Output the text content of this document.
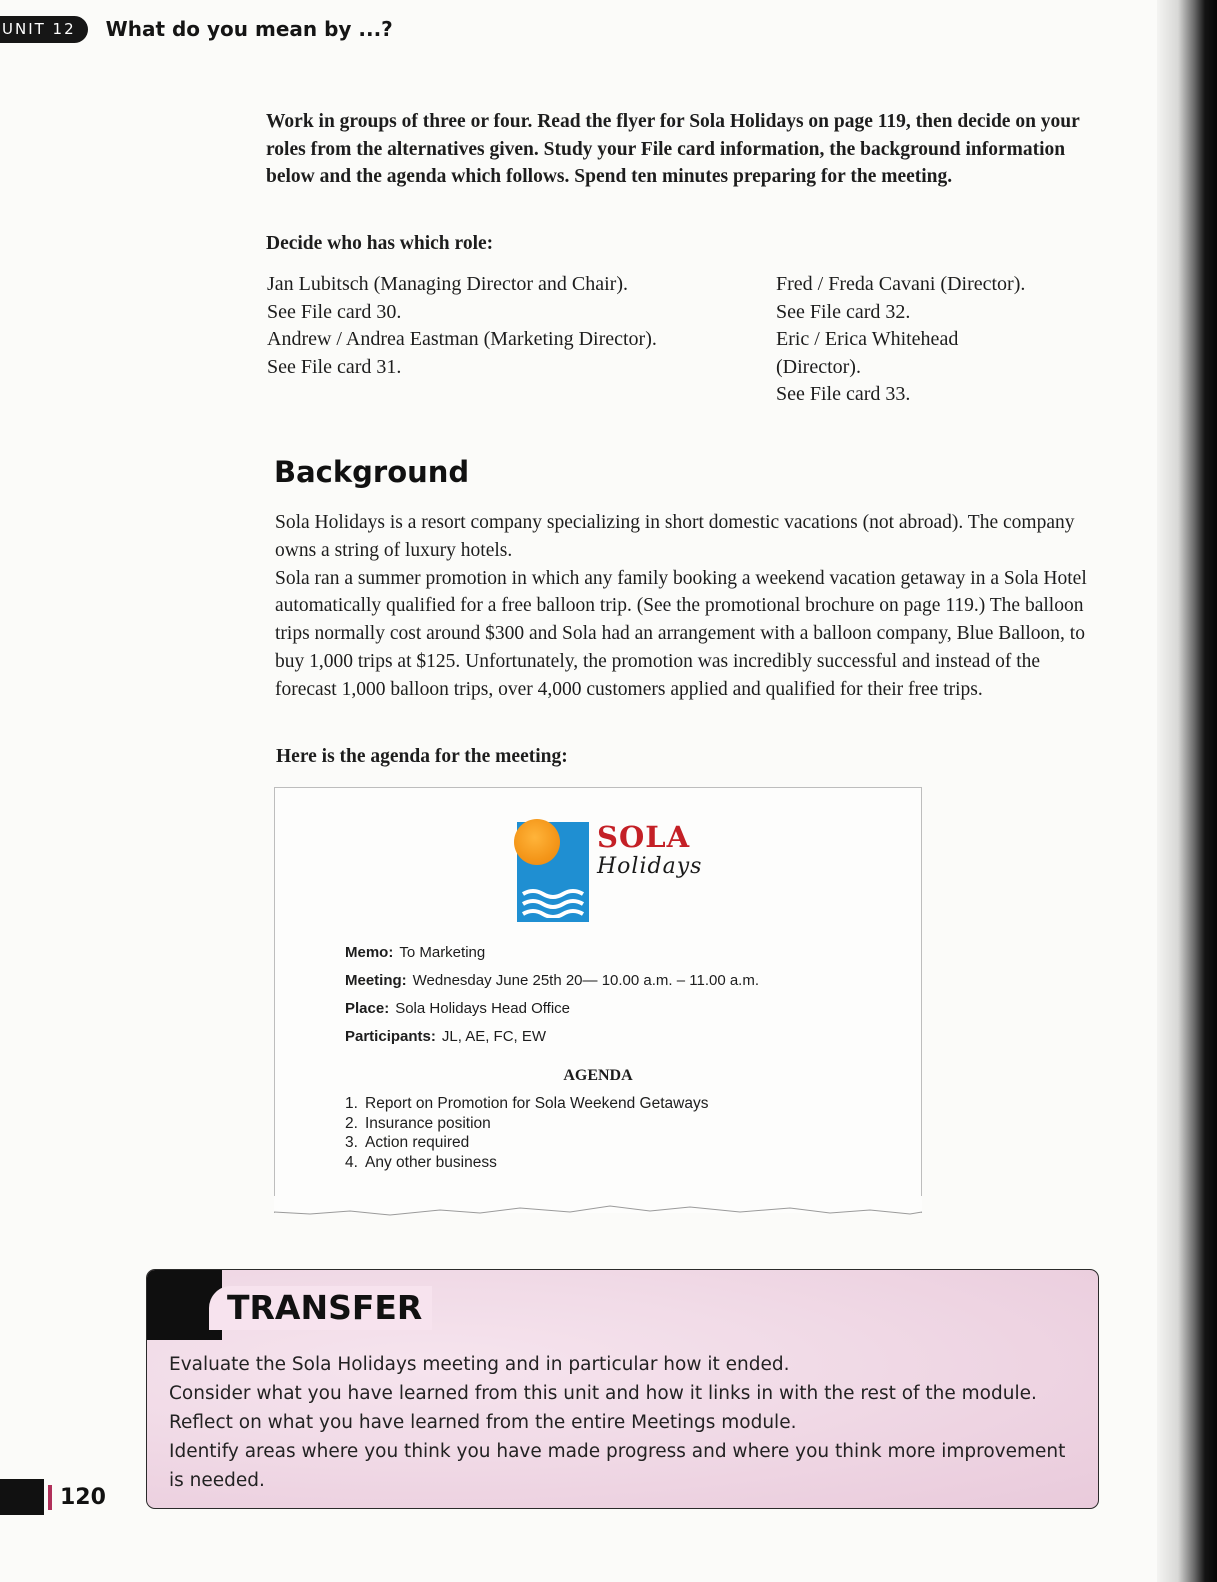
UNIT 12	What do you mean by ...?

Work in groups of three or four. Read the flyer for Sola Holidays on page 119, then decide on your roles from the alternatives given. Study your File card information, the background information below and the agenda which follows. Spend ten minutes preparing for the meeting.

Decide who has which role:

Jan Lubitsch (Managing Director and Chair).
See File card 30.
Andrew / Andrea Eastman (Marketing Director).
See File card 31.
Fred / Freda Cavani (Director).
See File card 32.
Eric / Erica Whitehead
(Director).
See File card 33.
Background

Sola Holidays is a resort company specializing in short domestic vacations (not abroad). The company owns a string of luxury hotels.

Sola ran a summer promotion in which any family booking a weekend vacation getaway in a Sola Hotel automatically qualified for a free balloon trip. (See the promotional brochure on page 119.) The balloon trips normally cost around $300 and Sola had an arrangement with a balloon company, Blue Balloon, to buy 1,000 trips at $125. Unfortunately, the promotion was incredibly successful and instead of the forecast 1,000 balloon trips, over 4,000 customers applied and qualified for their free trips.

Here is the agenda for the meeting:

SOLA
Holidays
Memo: To Marketing
Meeting: Wednesday June 25th 20— 10.00 a.m. – 11.00 a.m.
Place: Sola Holidays Head Office
Participants: JL, AE, FC, EW
AGENDA
1. Report on Promotion for Sola Weekend Getaways
2. Insurance position
3. Action required
4. Any other business
TRANSFER

Evaluate the Sola Holidays meeting and in particular how it ended.

Consider what you have learned from this unit and how it links in with the rest of the module.

Reflect on what you have learned from the entire Meetings module.

Identify areas where you think you have made progress and where you think more improvement is needed.

120
